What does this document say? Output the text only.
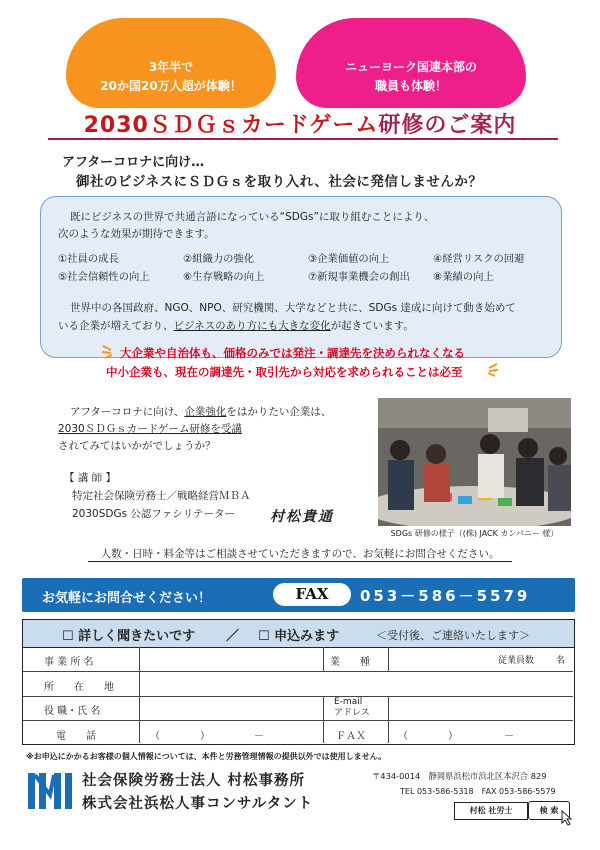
3年半で
20か国20万人超が体験！
ニューヨーク国連本部の
職員も体験！
2030ＳＤＧｓカードゲーム研修のご案内
アフターコロナに向け…
御社のビジネスにＳＤＧｓを取り入れ、社会に発信しませんか？
既にビジネスの世界で共通言語になっている“SDGs”に取り組むことにより、
次のような効果が期待できます。
①社員の成長	②組織力の強化	③企業価値の向上	④経営リスクの回避
⑤社会信頼性の向上	⑥生存戦略の向上	⑦新規事業機会の創出	⑧業績の向上
世界中の各国政府、NGO、NPO、研究機関、大学などと共に、SDGs 達成に向けて動き始めて
いる企業が増えており、ビジネスのあり方にも大きな変化が起きています。
大企業や自治体も、価格のみでは発注・調達先を決められなくなる
中小企業も、現在の調達先・取引先から対応を求められることは必至
アフターコロナに向け、企業強化をはかりたい企業は、
2030ＳＤＧｓカードゲーム研修を受講
されてみてはいかがでしょうか？
【 講 師 】
特定社会保険労務士／戦略経営ＭＢＡ
2030SDGs 公認ファシリテーター	村松貴通
SDGs 研修の様子（(株) JACK カンパニー 様）
人数・日時・料金等はご相談させていただきますので、お気軽にお問合せください。
お気軽にお問合せください！	FAX	053－586－5579
☐ 詳しく聞きたいです ／ ☐ 申込みます	＜受付後、ご連絡いたします＞
事 業 所 名	業　　種	従業員数 名
所　　在　　地
役 職・氏 名
E-mail
アドレス
電　　話	（　　　　）	－	ＦＡＸ	（　　　　）	－
※お申込にかかるお客様の個人情報については、本件と労務管理情報の提供以外では使用しません。
社会保険労務士法人 村松事務所
株式会社浜松人事コンサルタント
〒434-0014　静岡県浜松市浜北区本沢合 829
TEL 053-586-5318　FAX 053-586-5579
村松 社労士	検 索
